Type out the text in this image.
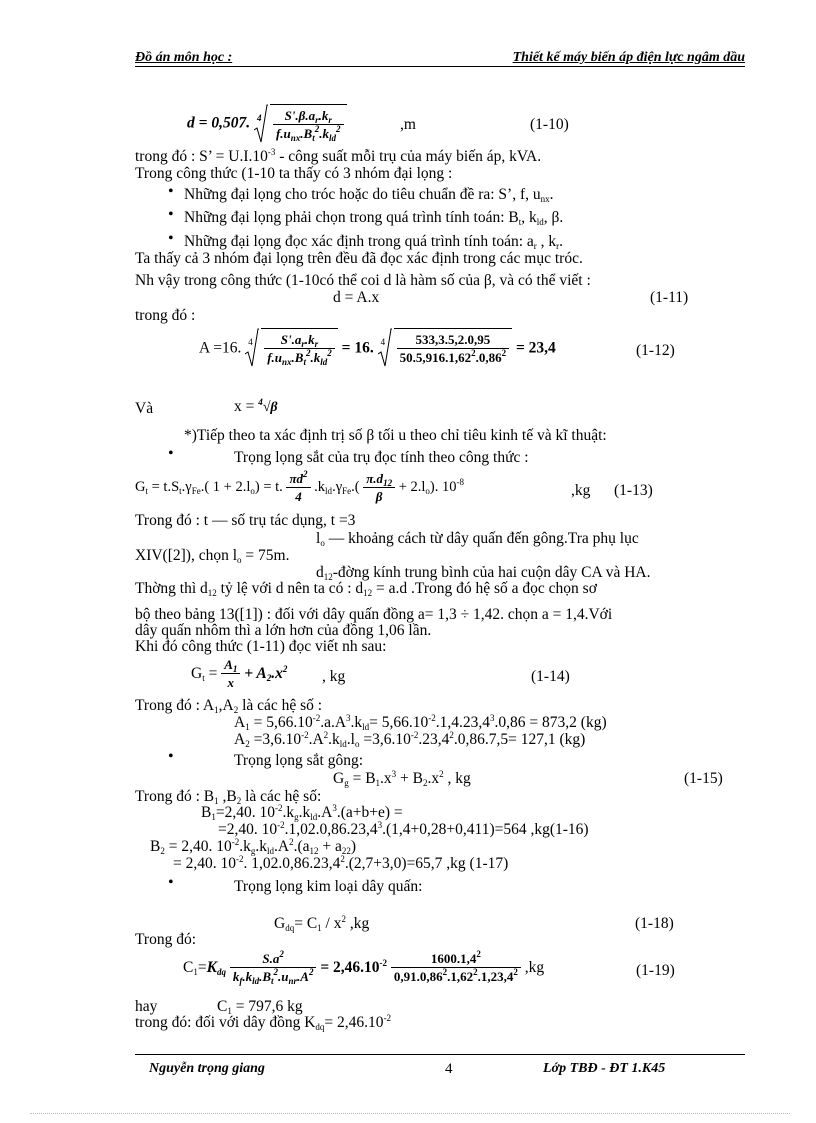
Đồ án môn học :	Thiết kế máy biến áp điện lực ngâm dầu
d = 0,507. $4 \frac{S'.\beta.a_r.k_r}{f.u_{nx}.B_t^2.k_{ld}^2}$	,m	(1-10)
trong đó : S’ = $U.I.10^{-3}$ - công suất mỗi trụ của máy biến áp, kVA.
Trong công thức (1-10 ta thấy có 3 nhóm đại lọng :
• Những đại lọng cho tróc hoặc do tiêu chuẩn đề ra: S’, f, $u_{nx}$.
• Những đại lọng phải chọn trong quá trình tính toán: $B_t$, $k_{ld}$, β.
• Những đại lọng đọc xác định trong quá trình tính toán: $a_r$ , $k_r$.
Ta thấy cả 3 nhóm đại lọng trên đều đã đọc xác định trong các mục tróc.
Nh vậy trong công thức (1-10có thể coi d là hàm số của β, và có thể viết :
d = A.x	(1-11)
trong đó :
A =16. $4 \frac{S'.a_r.k_r}{f.u_{nx}.B_t^2.k_{ld}^2} = 16$. $4 \frac{533,3.5,2.0,95}{50.5,916.1,62^2.0,86^2} = 23,4$	(1-12)
Và	x = $^4$√β
*)Tiếp theo ta xác định trị số β tối u theo chỉ tiêu kinh tế và kĩ thuật:
•	Trọng lọng sắt của trụ đọc tính theo công thức :
$G_t = t.S_t.\gamma_{Fe}$.( $1 + 2.l_o) = t$. $\frac{\pi d^2}{4} .k_{ld}.\gamma_{Fe}.( \frac{\pi.d_{12}}{\beta} + 2.l_o)$. $10^{-8}$	,kg (1-13)
Trong đó : t — số trụ tác dụng, t =3
$l_o$ — khoảng cách từ dây quấn đến gông.Tra phụ lục
XIV([2]), chọn $l_o = 75m$.
$d_{12}$-đờng kính trung bình của hai cuộn dây CA và HA.
Thờng thì $d_{12}$ tỷ lệ với d nên ta có : $d_{12} = a.d$ .Trong đó hệ số a đọc chọn sơ
bộ theo bảng 13([1]) : đối với dây quấn đồng a= 1,3 ÷ 1,42. chọn a = 1,4.Với
dây quấn nhôm thì a lớn hơn của đồng 1,06 lần.
Khi đó công thức (1-11) đọc viết nh sau:
$G_t = \frac{A_1}{x} + A_2.x^2$ , kg	(1-14)
Trong đó : $A_1,A_2$ là các hệ số :
$A_1 = 5,66.10^{-2}.a.A^3.k_{ld}= 5,66.10^{-2}.1,4.23,4^3.0,86 = 873,2$ (kg)
$A_2 =3,6.10^{-2}.A^2.k_{ld}.l_o =3,6.10^{-2}.23,4^2.0,86.7,5= 127,1$ (kg)
•	Trọng lọng sắt gông:
$G_g = B_1.x^3 + B_2.x^2$ , kg	(1-15)
Trong đó : $B_1$ $,B_2$ là các hệ số:
$B_1=2,40$. $10^{-2}.k_g.k_{ld}.A^3.(a+b+e)$ =
=2,40. $10^{-2}.1,02.0,86.23,4^3.(1,4+0,28+0,411)=564$ ,kg(1-16)
$B_2 = 2,40$. $10^{-2}.k_g.k_{ld}.A^2.(a_{12} + a_{22})$
= 2,40. $10^{-2}$. $1,02.0,86.23,4^2.(2,7+3,0)=65,7$ ,kg (1-17)
•	Trọng lọng kim loại dây quấn:
$G_{dq}= C_1 / x^2$ ,kg	(1-18)
Trong đó:
$C_1=K_{dq} \frac{S.a^2}{k_f.k_{ld}.B_t^2.u_{nr}.A^2} = 2,46.10^{-2} \frac{1600.1,4^2}{0,91.0,86^2.1,62^2.1,23,4^2} ,kg$	(1-19)
hay	$C_1 = 797,6$ kg
trong đó: đối với dây đồng $K_{dq}= 2,46.10^{-2}$
Nguyễn trọng giang	4	Lớp TBĐ - ĐT 1.K45
